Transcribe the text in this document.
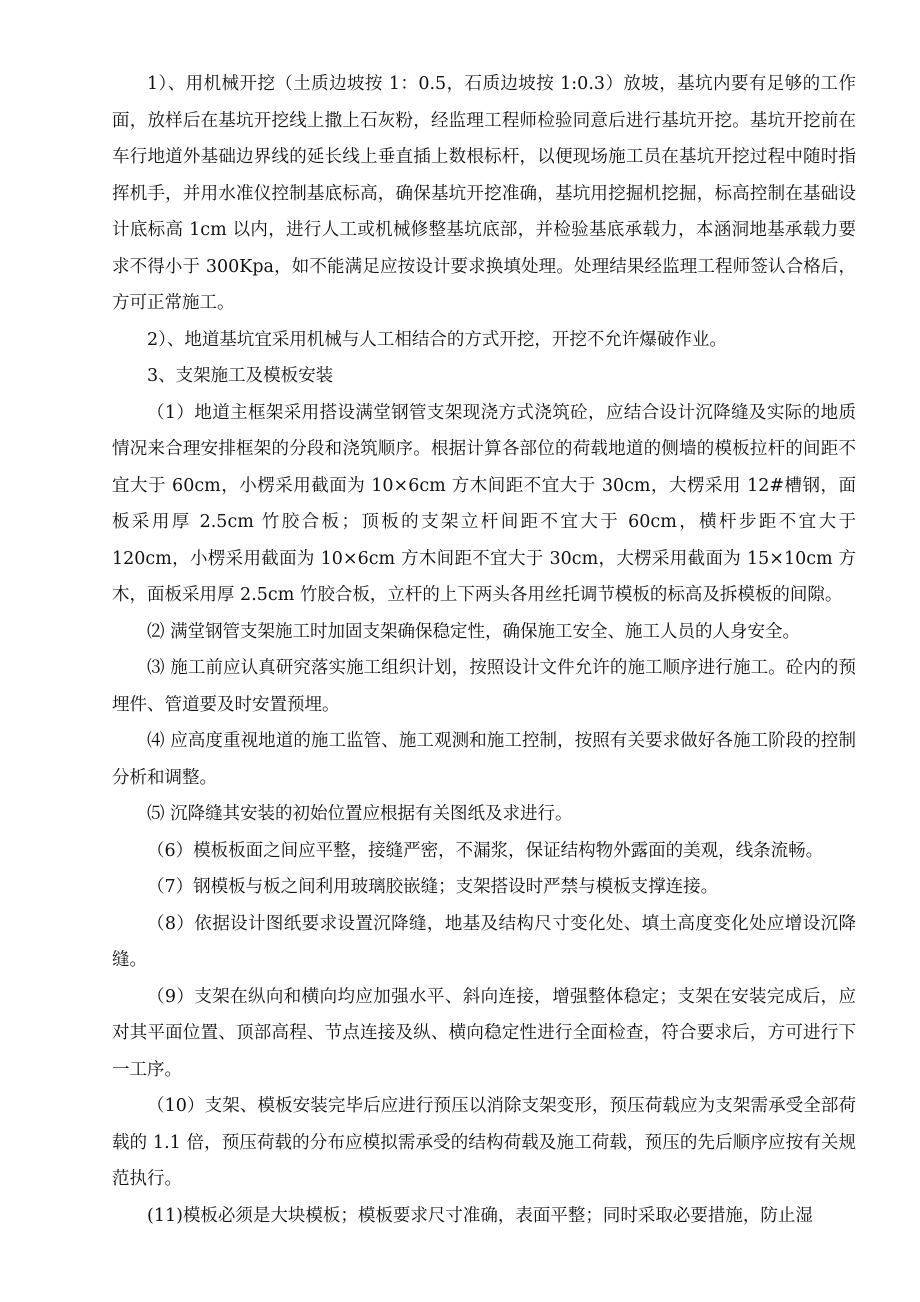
1）、用机械开挖（土质边坡按 1：0.5，石质边坡按 1:0.3）放坡，基坑内要有足够的工作面，放样后在基坑开挖线上撒上石灰粉，经监理工程师检验同意后进行基坑开挖。基坑开挖前在车行地道外基础边界线的延长线上垂直插上数根标杆，以便现场施工员在基坑开挖过程中随时指挥机手，并用水准仪控制基底标高，确保基坑开挖准确，基坑用挖掘机挖掘，标高控制在基础设计底标高 1cm 以内，进行人工或机械修整基坑底部，并检验基底承载力，本涵洞地基承载力要求不得小于 300Kpa，如不能满足应按设计要求换填处理。处理结果经监理工程师签认合格后，方可正常施工。

2）、地道基坑宜采用机械与人工相结合的方式开挖，开挖不允许爆破作业。

3、支架施工及模板安装

（1）地道主框架采用搭设满堂钢管支架现浇方式浇筑砼，应结合设计沉降缝及实际的地质情况来合理安排框架的分段和浇筑顺序。根据计算各部位的荷载地道的侧墙的模板拉杆的间距不宜大于 60cm，小楞采用截面为 10×6cm 方木间距不宜大于 30cm，大楞采用 12#槽钢，面板采用厚 2.5cm 竹胶合板；顶板的支架立杆间距不宜大于 60cm，横杆步距不宜大于 120cm，小楞采用截面为 10×6cm 方木间距不宜大于 30cm，大楞采用截面为 15×10cm 方木，面板采用厚 2.5cm 竹胶合板，立杆的上下两头各用丝托调节模板的标高及拆模板的间隙。

⑵ 满堂钢管支架施工时加固支架确保稳定性，确保施工安全、施工人员的人身安全。

⑶ 施工前应认真研究落实施工组织计划，按照设计文件允许的施工顺序进行施工。砼内的预埋件、管道要及时安置预埋。

⑷ 应高度重视地道的施工监管、施工观测和施工控制，按照有关要求做好各施工阶段的控制分析和调整。

⑸ 沉降缝其安装的初始位置应根据有关图纸及求进行。

（6）模板板面之间应平整，接缝严密，不漏浆，保证结构物外露面的美观，线条流畅。

（7）钢模板与板之间利用玻璃胶嵌缝；支架搭设时严禁与模板支撑连接。

（8）依据设计图纸要求设置沉降缝，地基及结构尺寸变化处、填土高度变化处应增设沉降缝。

（9）支架在纵向和横向均应加强水平、斜向连接，增强整体稳定；支架在安装完成后，应对其平面位置、顶部高程、节点连接及纵、横向稳定性进行全面检查，符合要求后，方可进行下一工序。

（10）支架、模板安装完毕后应进行预压以消除支架变形，预压荷载应为支架需承受全部荷载的 1.1 倍，预压荷载的分布应模拟需承受的结构荷载及施工荷载，预压的先后顺序应按有关规范执行。

(11)模板必须是大块模板；模板要求尺寸准确，表面平整；同时采取必要措施，防止湿
